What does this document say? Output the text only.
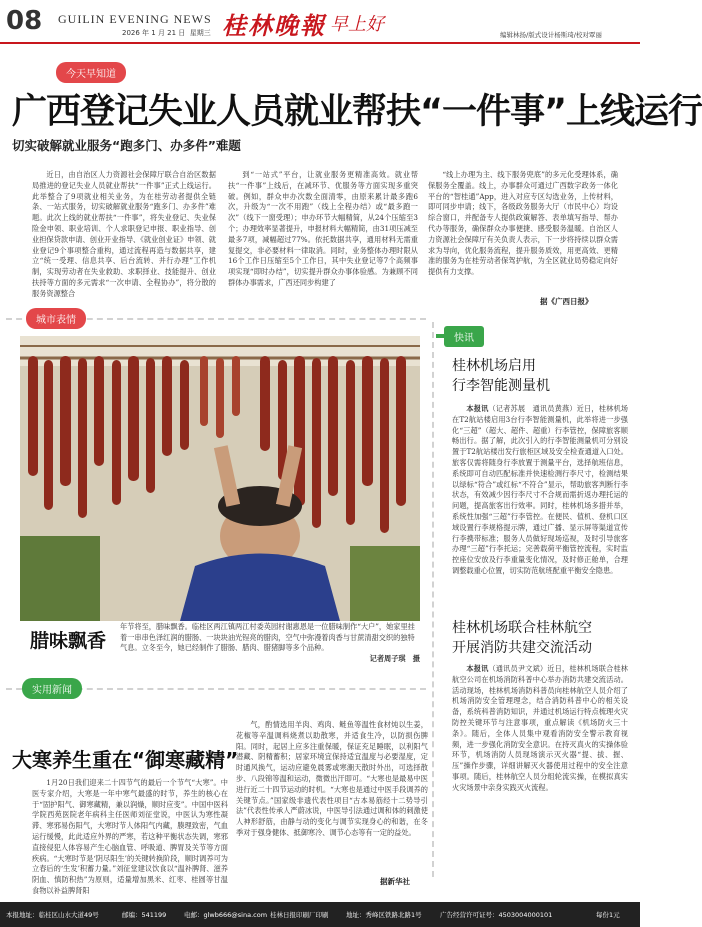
08 GUILIN EVENING NEWS
2026 年 1 月 21 日 星期三 桂林晚報 早上好	编辑林扬/版式设计杨斯琦/校对覃丽
今天早知道
广西登记失业人员就业帮扶“一件事”上线运行
切实破解就业服务“跑多门、办多件”难题

近日，由自治区人力资源社会保障厅联合自治区数据局推进的登记失业人员就业帮扶“一件事”正式上线运行。此举整合了9项就业相关业务，为在桂劳动者提供全链条、一站式服务，切实破解就业服务“跑多门、办多件”难题。此次上线的就业帮扶“一件事”，将失业登记、失业保险金申领、职业培训、个人求职登记申报、职业指导、创业担保贷款申请、创业开业指导、《就业创业证》申领、就业登记9个事项整合重构，通过流程再造与数据共享，建立“统一受理、信息共享、后台流转、并行办理”工作机制，实现劳动者在失业救助、求职择业、技能提升、创业扶持等方面的多元需求“一次申请、全程协办”，将分散的服务资源整合

到“一站式”平台，让就业服务更精准高效。就业帮扶“一件事”上线后，在减环节、优服务等方面实现多重突破。例如，群众申办次数全面清零，由原来累计最多跑6次，升级为“一次不用跑”（线上全程办结）或“最多跑一次”（线下一窗受理）；申办环节大幅精简，从24个压缩至3个；办理效率显著提升，申报材料大幅精简，由31项压减至最多7项，减幅超过77%。依托数据共享，通用材料无需重复提交，非必要材料一律取消。同时，业务整体办理时限从16个工作日压缩至5个工作日，其中失业登记等7个高频事项实现“即时办结”，切实提升群众办事体验感。为兼顾不同群体办事需求，广西还同步构建了

“线上办理为主、线下服务兜底”的多元化受理体系，确保服务全覆盖。线上，办事群众可通过广西数字政务一体化平台的“智桂通”App，进入对应专区勾选业务，上传材料，即可同步申请；线下，各级政务服务大厅（市民中心）均设综合窗口，并配备专人提供政策解答、表单填写指导、帮办代办等服务，确保群众办事便捷、感受服务温暖。自治区人力资源社会保障厅有关负责人表示，下一步将持续以群众需求为导向，优化服务流程，提升服务质效，用更高效、更精准的服务为在桂劳动者保驾护航，为全区就业局势稳定向好提供有力支撑。

据《广西日报》
城市表情
腊味飘香
年节将至，腊味飘香。临桂区两江镇两江村委英园村谢惠恩是一位腊味制作“大户”，她家里挂着一串串色泽红润的腊肠、一块块油光锃亮的腊肉，空气中弥漫着肉香与甘蔗清甜交织的独特气息。立冬至今，她已经制作了腊肠、腊肉、腊猪脚等多个品种。
记者周子琪　摄
快讯
桂林机场启用
行李智能测量机

本报讯（记者苏展　通讯员黄燕）近日，桂林机场在T2航站楼启用3台行李智能测量机，此举将进一步强化“三超”（超大、超件、超重）行李管控，保障旅客顺畅出行。据了解，此次引入的行李智能测量机可分别设置于T2航站楼出发行旅柜区域及安全检查通道入口处。旅客仅需将随身行李放置于测量平台，选择航班信息，系统即可自动匹配标准并快速检测行李尺寸，检测结果以绿标“符合”或红标“不符合”显示，帮助旅客判断行李状态，有效减少因行李尺寸不合规而需折返办理托运的问题，提高旅客出行效率。同时，桂林机场多措并举，系统性加强“三超”行李管控。在便民、值机、登机口区域设置行李规格提示牌，通过广播、显示屏等渠道宣传行李携带标准；服务人员做好现场巡视，及时引导旅客办理“三超”行李托运；完善载荷平衡管控流程，实时监控座位安放及行李重量变化情况，及时修正舱单，合理调整载重心位置，切实防范航班配重平衡安全隐患。

桂林机场联合桂林航空
开展消防共建交流活动

本报讯（通讯员尹文斌）近日，桂林机场联合桂林航空公司在机场消防科普中心举办消防共建交流活动。活动现场，桂林机场消防科普员向桂林航空人员介绍了机场消防安全管理理念，结合消防科普中心的相关设备，系统科普消防知识，并通过机场运行特点梳理火灾防控关键环节与注意事项，重点解读《机场防火三十条》。随后，全体人员集中观看消防安全警示教育视频，进一步强化消防安全意识。在持灭真火的实操体验环节，机场消防人员现场演示灭火器“提、拔、握、压”操作步骤，详细讲解灭火器使用过程中的安全注意事项。随后，桂林航空人员分组轮流实操，在模拟真实火灾场景中亲身实践灭火流程。

实用新闻
大寒养生重在“御寒藏精”

1月20日我们迎来二十四节气的最后一个节气“大寒”。中医专家介绍，大寒是一年中寒气最盛的时节，养生的核心在于“固护阳气、御寒藏精，兼以润燥，顺时应变”。中国中医科学院西苑医院老年病科主任医师刘征堂说，中医认为寒性凝滞、寒邪易伤阳气，大寒时节人体阳气内藏，腠理致密，气血运行缓慢，此此适应外界的严寒，若这种平衡状态失调，寒邪直接侵犯人体容易产生心脑血管、呼吸道、脾胃及关节等方面疾病。“大寒时节是‘阴尽阳生’的关键转换阶段，顺时调养可为立春后的‘生发’积蓄力量。”刘征堂建议饮食以“温补脾肾、滋养阴血、慎防积热”为原则，适量增加黑米、红枣、桂圆等甘温食物以补益脾肾阳

气，酌情选用羊肉、鸡肉、鲢鱼等温性食材炖以生姜，花椒等辛温调料烧煮以助散寒，并适食生冷，以防损伤脾阳。同时，起居上应多注重保暖，保证充足睡眠，以利阳气潜藏、阴精蓄积；居家环境宜保持适宜温度与必要湿度，定时通风换气，运动应避免晨雾或寒潮天散时外出，可选择散步、八段锦等温和运动，微微出汗即可。“大寒也是最易中医进行近二十四节运动的时机。“大寒也是通过中医手段调养的关键节点。”国家级非遗代表性项目“古本易筋经十二势导引法”代表性传承人严蔚冰说，中医导引法通过调和体的刺激使人神形舒筋，由静与动的变化与调节实现身心的和谐，在冬季对于强身健体、抵御寒冷、调节心态等有一定的益处。

据新华社
本报地址：临桂区山水大道49号	邮编：541199	电邮：glwb666@sina.com 桂林日报印刷厂印刷	地址：秀峰区铁路北路1号	广告经营许可证号：4503004000101	每份1元
